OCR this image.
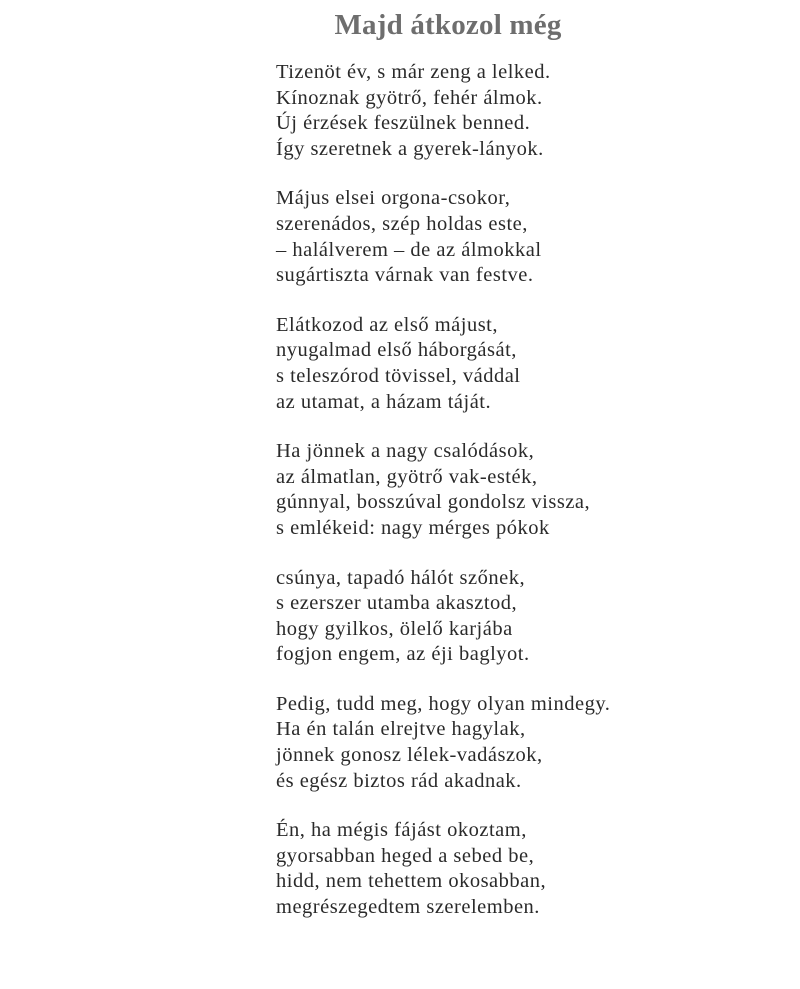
Majd átkozol még
Tizenöt év, s már zeng a lelked.
Kínoznak gyötrő, fehér álmok.
Új érzések feszülnek benned.
Így szeretnek a gyerek-lányok.
Május elsei orgona-csokor,
szerenádos, szép holdas este,
– halálverem – de az álmokkal
sugártiszta várnak van festve.
Elátkozod az első májust,
nyugalmad első háborgását,
s teleszórod tövissel, váddal
az utamat, a házam táját.
Ha jönnek a nagy csalódások,
az álmatlan, gyötrő vak-esték,
gúnnyal, bosszúval gondolsz vissza,
s emlékeid: nagy mérges pókok
csúnya, tapadó hálót szőnek,
s ezerszer utamba akasztod,
hogy gyilkos, ölelő karjába
fogjon engem, az éji baglyot.
Pedig, tudd meg, hogy olyan mindegy.
Ha én talán elrejtve hagylak,
jönnek gonosz lélek-vadászok,
és egész biztos rád akadnak.
Én, ha mégis fájást okoztam,
gyorsabban heged a sebed be,
hidd, nem tehettem okosabban,
megrészegedtem szerelemben.
